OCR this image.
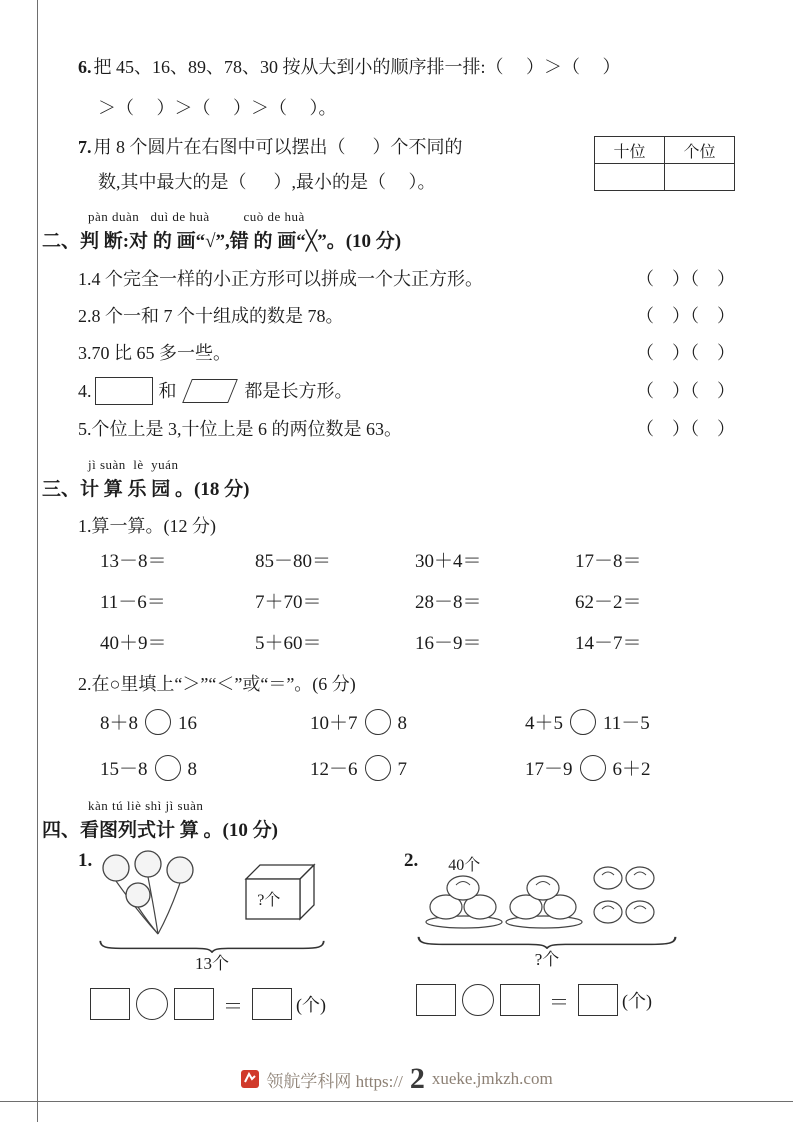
6. 把 45、16、89、78、30 按从大到小的顺序排一排:（     ）＞（     ）
＞（     ）＞（     ）＞（     ）。
7. 用 8 个圆片在右图中可以摆出（      ）个不同的
数,其中最大的是（      ）,最小的是（     ）。
十位	个位

pàn duàn   duì de huà         cuò de huà
二、判 断:对 的 画“√”,错 的 画“╳”。(10 分)
1.4 个完全一样的小正方形可以拼成一个大正方形。	（    ）（    ）
2.8 个一和 7 个十组成的数是 78。	（    ）（    ）
3.70 比 65 多一些。	（    ）（    ）
4.	和	都是长方形。	（    ）（    ）
5.个位上是 3,十位上是 6 的两位数是 63。	（    ）（    ）
jì suàn  lè  yuán
三、计 算 乐 园 。(18 分)
1.算一算。(12 分)
13－8＝	85－80＝	30＋4＝	17－8＝
11－6＝	7＋70＝	28－8＝	62－2＝
40＋9＝	5＋60＝	16－9＝	14－7＝
2.在○里填上“＞”“＜”或“＝”。(6 分)
8＋8 16	10＋7 8	4＋5 11－5
15－8 8	12－6 7	17－9 6＋2
kàn tú liè shì jì suàn
四、看图列式计 算 。(10 分)
1.
?个
13个
＝	(个)
2. 40个
?个
＝	(个)
领航学科网 https:// 2 xueke.jmkzh.com
